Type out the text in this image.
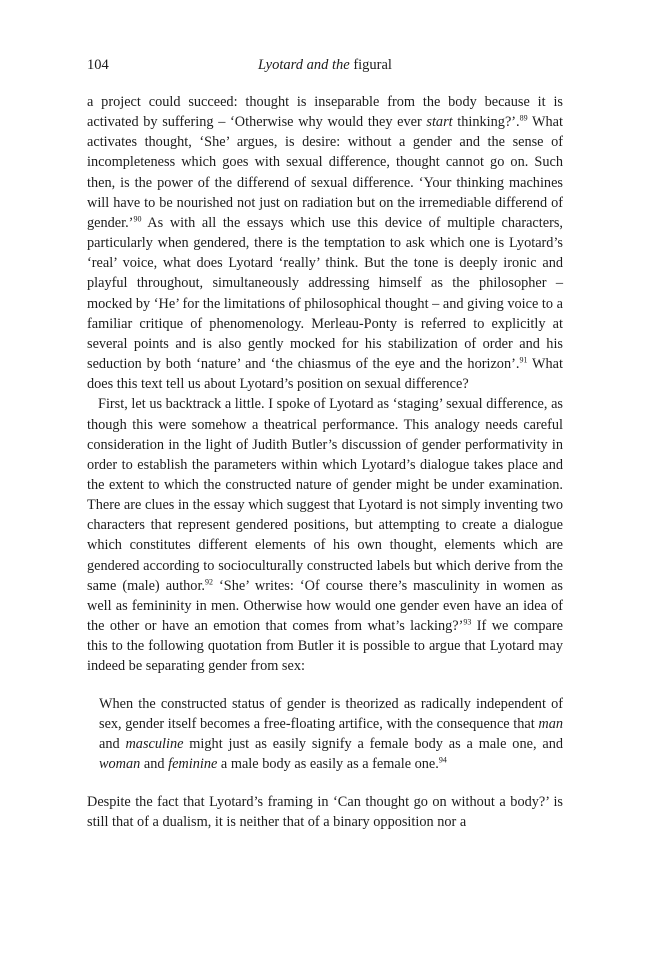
104	Lyotard and the figural

a project could succeed: thought is inseparable from the body because it is activated by suffering – ‘Otherwise why would they ever start thinking?’.$^{89}$ What activates thought, ‘She’ argues, is desire: without a gender and the sense of incompleteness which goes with sexual difference, thought cannot go on. Such then, is the power of the differend of sexual difference. ‘Your thinking machines will have to be nourished not just on radiation but on the irremediable differend of gender.’$^{90}$ As with all the essays which use this device of multiple characters, particularly when gendered, there is the temptation to ask which one is Lyotard’s ‘real’ voice, what does Lyotard ‘really’ think. But the tone is deeply ironic and playful throughout, simultaneously addressing himself as the philosopher – mocked by ‘He’ for the limitations of philosophical thought – and giving voice to a familiar critique of phenomenology. Merleau-Ponty is referred to explicitly at several points and is also gently mocked for his stabilization of order and his seduction by both ‘nature’ and ‘the chiasmus of the eye and the horizon’.$^{91}$ What does this text tell us about Lyotard’s position on sexual difference?

First, let us backtrack a little. I spoke of Lyotard as ‘staging’ sexual difference, as though this were somehow a theatrical performance. This analogy needs careful consideration in the light of Judith Butler’s discussion of gender performativity in order to establish the parameters within which Lyotard’s dialogue takes place and the extent to which the constructed nature of gender might be under examination. There are clues in the essay which suggest that Lyotard is not simply inventing two characters that represent gendered positions, but attempting to create a dialogue which constitutes different elements of his own thought, elements which are gendered according to socioculturally constructed labels but which derive from the same (male) author.$^{92}$ ‘She’ writes: ‘Of course there’s masculinity in women as well as femininity in men. Otherwise how would one gender even have an idea of the other or have an emotion that comes from what’s lacking?’$^{93}$ If we compare this to the following quotation from Butler it is possible to argue that Lyotard may indeed be separating gender from sex:

When the constructed status of gender is theorized as radically independent of sex, gender itself becomes a free-floating artifice, with the consequence that man and masculine might just as easily signify a female body as a male one, and woman and feminine a male body as easily as a female one.$^{94}$

Despite the fact that Lyotard’s framing in ‘Can thought go on without a body?’ is still that of a dualism, it is neither that of a binary opposition nor a
